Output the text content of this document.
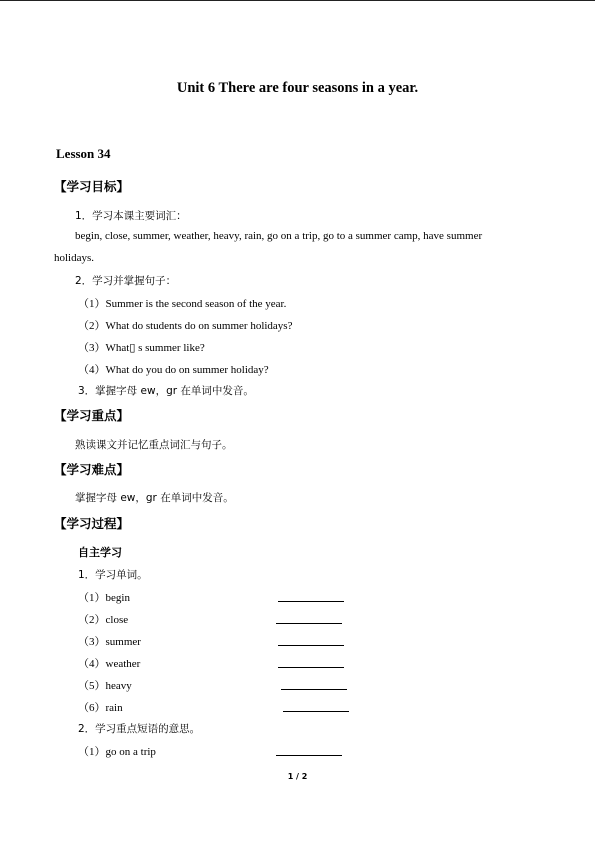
Unit 6 There are four seasons in a year.
Lesson 34
【学习目标】
1．学习本课主要词汇：
begin, close, summer, weather, heavy, rain, go on a trip, go to a summer camp, have summer
holidays.
2．学习并掌握句子：
（1）Summer is the second season of the year.
（2）What do students do on summer holidays?
（3）What▯ s summer like?
（4）What do you do on summer holiday?
3．掌握字母 ew，gr 在单词中发音。
【学习重点】
熟读课文并记忆重点词汇与句子。
【学习难点】
掌握字母 ew，gr 在单词中发音。
【学习过程】
自主学习
1．学习单词。
（1）begin
（2）close
（3）summer
（4）weather
（5）heavy
（6）rain
2．学习重点短语的意思。
（1）go on a trip
1 / 2
